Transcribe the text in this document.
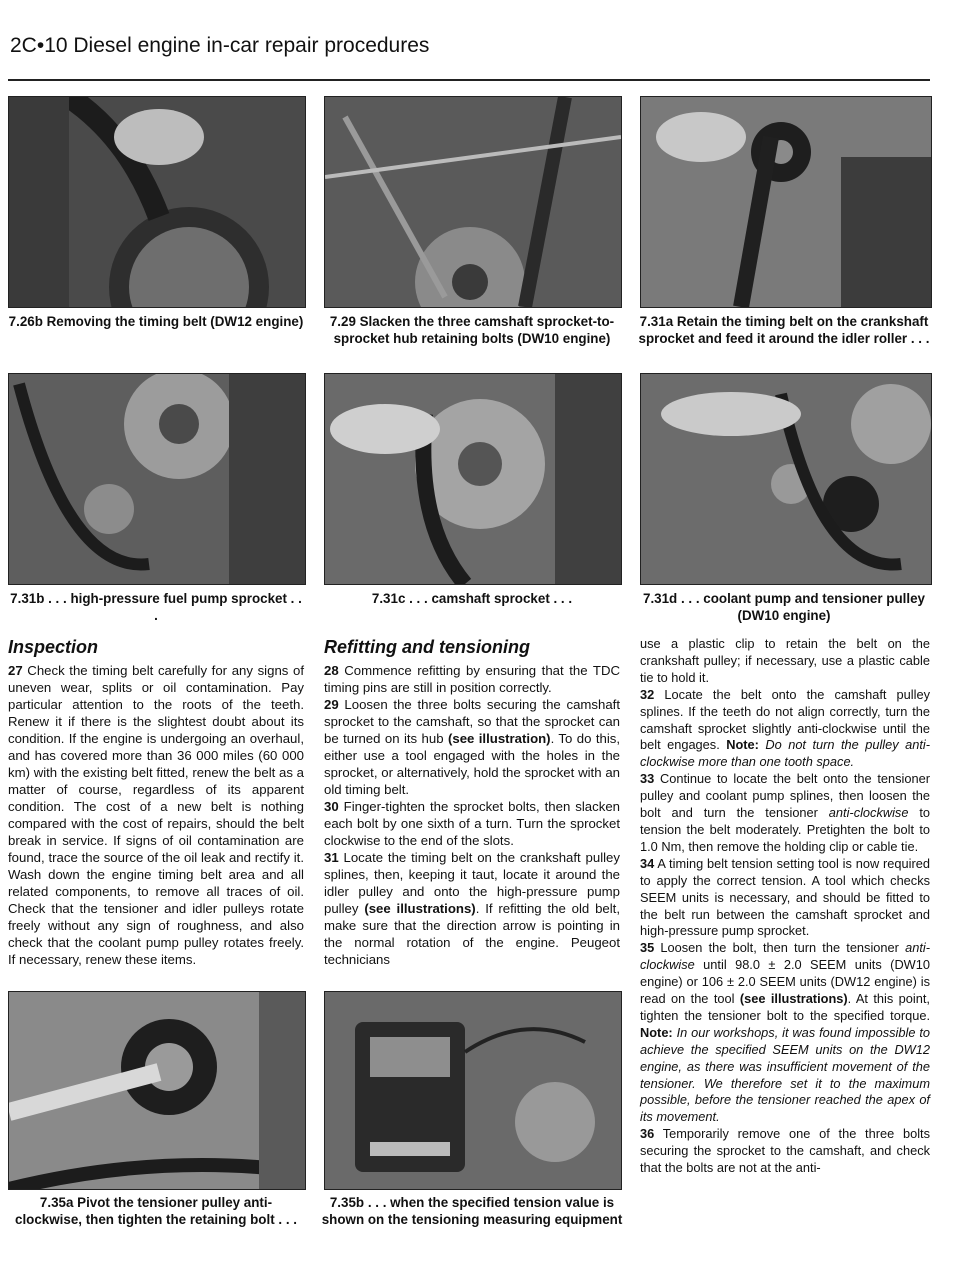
2C•10 Diesel engine in-car repair procedures
7.26b Removing the timing belt (DW12 engine)	7.29 Slacken the three camshaft sprocket-to-sprocket hub retaining bolts (DW10 engine)
7.31a Retain the timing belt on the crankshaft sprocket and feed it around the idler roller . . .
7.31b . . . high-pressure fuel pump sprocket . . .
7.31c . . . camshaft sprocket . . .	7.31d . . . coolant pump and tensioner pulley (DW10 engine)
Inspection

27 Check the timing belt carefully for any signs of uneven wear, splits or oil contamination. Pay particular attention to the roots of the teeth. Renew it if there is the slightest doubt about its condition. If the engine is undergoing an overhaul, and has covered more than 36 000 miles (60 000 km) with the existing belt fitted, renew the belt as a matter of course, regardless of its apparent condition. The cost of a new belt is nothing compared with the cost of repairs, should the belt break in service. If signs of oil contamination are found, trace the source of the oil leak and rectify it. Wash down the engine timing belt area and all related components, to remove all traces of oil. Check that the tensioner and idler pulleys rotate freely without any sign of roughness, and also check that the coolant pump pulley rotates freely. If necessary, renew these items.

Refitting and tensioning

28 Commence refitting by ensuring that the TDC timing pins are still in position correctly.

29 Loosen the three bolts securing the camshaft sprocket to the camshaft, so that the sprocket can be turned on its hub (see illustration). To do this, either use a tool engaged with the holes in the sprocket, or alternatively, hold the sprocket with an old timing belt.

30 Finger-tighten the sprocket bolts, then slacken each bolt by one sixth of a turn. Turn the sprocket clockwise to the end of the slots.

31 Locate the timing belt on the crankshaft pulley splines, then, keeping it taut, locate it around the idler pulley and onto the high-pressure pump pulley (see illustrations). If refitting the old belt, make sure that the direction arrow is pointing in the normal rotation of the engine. Peugeot technicians

use a plastic clip to retain the belt on the crankshaft pulley; if necessary, use a plastic cable tie to hold it.

32 Locate the belt onto the camshaft pulley splines. If the teeth do not align correctly, turn the camshaft sprocket slightly anti-clockwise until the belt engages. Note: Do not turn the pulley anti-clockwise more than one tooth space.

33 Continue to locate the belt onto the tensioner pulley and coolant pump splines, then loosen the bolt and turn the tensioner anti-clockwise to tension the belt moderately. Pretighten the bolt to 1.0 Nm, then remove the holding clip or cable tie.

34 A timing belt tension setting tool is now required to apply the correct tension. A tool which checks SEEM units is necessary, and should be fitted to the belt run between the camshaft sprocket and high-pressure pump sprocket.

35 Loosen the bolt, then turn the tensioner anti-clockwise until 98.0 ± 2.0 SEEM units (DW10 engine) or 106 ± 2.0 SEEM units (DW12 engine) is read on the tool (see illustrations). At this point, tighten the tensioner bolt to the specified torque. Note: In our workshops, it was found impossible to achieve the specified SEEM units on the DW12 engine, as there was insufficient movement of the tensioner. We therefore set it to the maximum possible, before the tensioner reached the apex of its movement.

36 Temporarily remove one of the three bolts securing the sprocket to the camshaft, and check that the bolts are not at the anti-

7.35a Pivot the tensioner pulley anti-clockwise, then tighten the retaining bolt . . .
7.35b . . . when the specified tension value is shown on the tensioning measuring equipment
